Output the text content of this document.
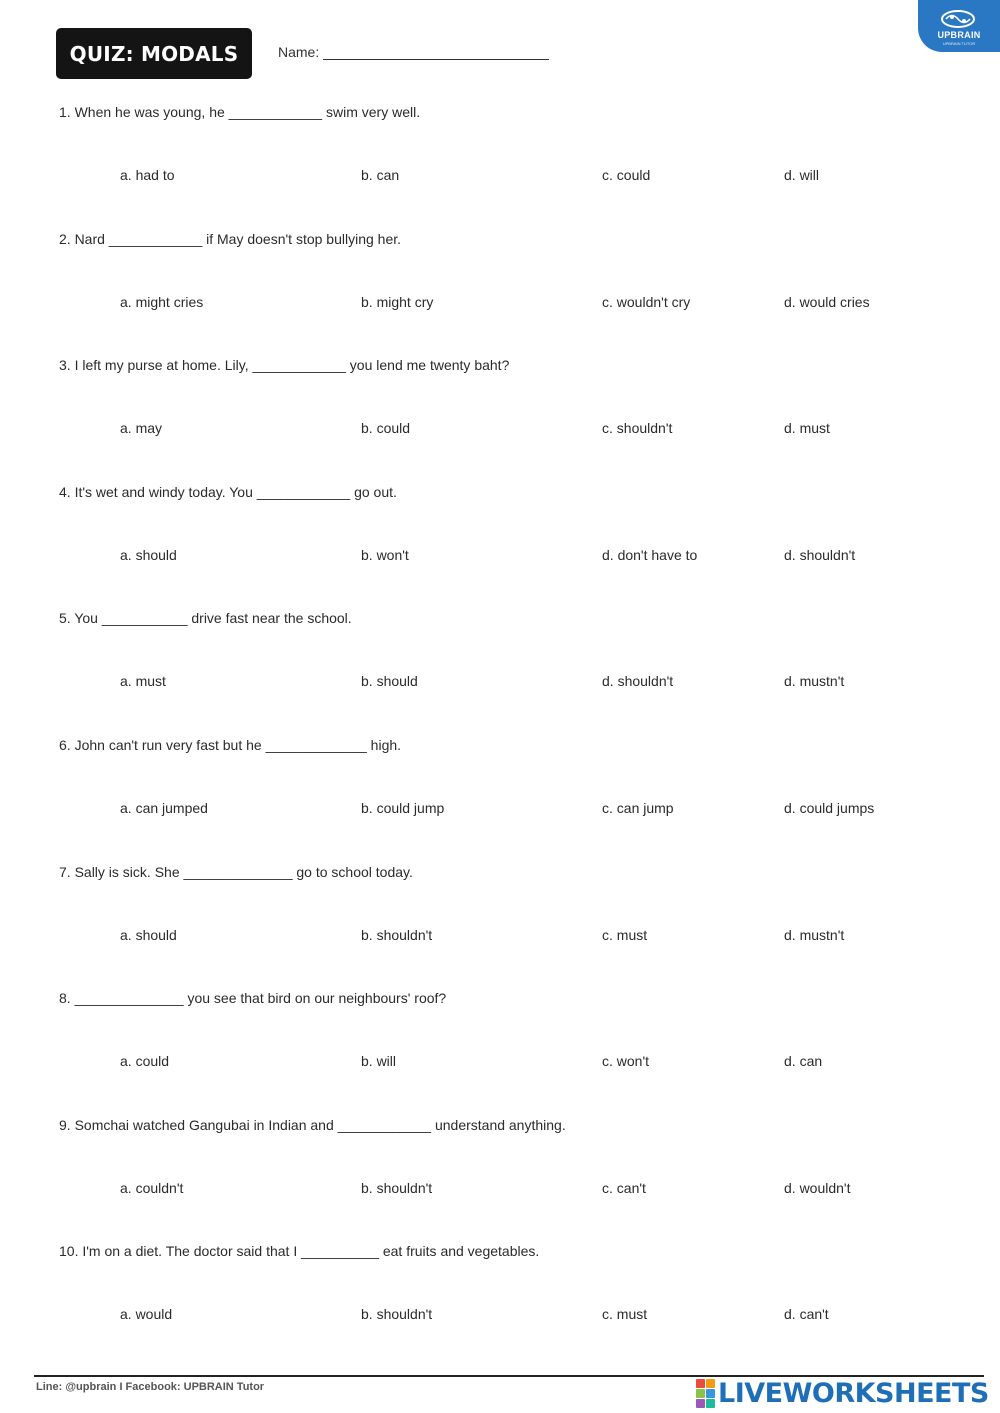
QUIZ: MODALS	Name:
UPBRAIN
UPBRAIN TUTOR
1. When he was young, he ____________ swim very well.
a. had to	b. can	c. could	d. will
2. Nard ____________ if May doesn't stop bullying her.
a. might cries	b. might cry	c. wouldn't cry	d. would cries
3. I left my purse at home. Lily, ____________ you lend me twenty baht?
a. may	b. could	c. shouldn't	d. must
4. It's wet and windy today. You ____________ go out.
a. should	b. won't	d. don't have to	d. shouldn't
5. You ___________ drive fast near the school.
a. must	b. should	d. shouldn't	d. mustn't
6. John can't run very fast but he _____________ high.
a. can jumped	b. could jump	c. can jump	d. could jumps
7. Sally is sick. She ______________ go to school today.
a. should	b. shouldn't	c. must	d. mustn't
8. ______________ you see that bird on our neighbours' roof?
a. could	b. will	c. won't	d. can
9. Somchai watched Gangubai in Indian and ____________ understand anything.
a. couldn't	b. shouldn't	c. can't	d. wouldn't
10. I'm on a diet. The doctor said that I __________ eat fruits and vegetables.
a. would	b. shouldn't	c. must	d. can't
Line: @upbrain I Facebook: UPBRAIN Tutor	LIVEWORKSHEETS
